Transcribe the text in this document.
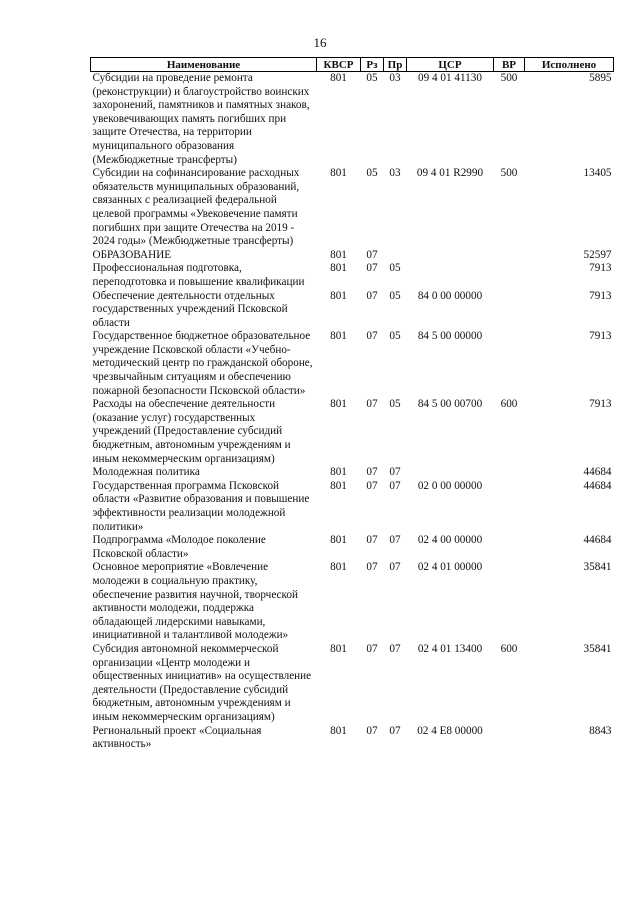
16
Наименование	КВСР	Рз	Пр	ЦСР	ВР	Исполнено
Субсидии на проведение ремонта (реконструкции) и благоустройство воинских захоронений, памятников и памятных знаков, увековечивающих память погибших при защите Отечества, на территории муниципального образования (Межбюджетные трансферты)	801	05	03	09 4 01 41130	500	5895
Субсидии на софинансирование расходных обязательств муниципальных образований, связанных с реализацией федеральной целевой программы «Увековечение памяти погибших при защите Отечества на 2019 - 2024 годы» (Межбюджетные трансферты)	801	05	03	09 4 01 R2990	500	13405
ОБРАЗОВАНИЕ	801	07				52597
Профессиональная подготовка, переподготовка и повышение квалификации	801	07	05			7913
Обеспечение деятельности отдельных государственных учреждений Псковской области	801	07	05	84 0 00 00000		7913
Государственное бюджетное образовательное учреждение Псковской области «Учебно-методический центр по гражданской обороне, чрезвычайным ситуациям и обеспечению пожарной безопасности Псковской области»	801	07	05	84 5 00 00000		7913
Расходы на обеспечение деятельности (оказание услуг) государственных учреждений (Предоставление субсидий бюджетным, автономным учреждениям и иным некоммерческим организациям)	801	07	05	84 5 00 00700	600	7913
Молодежная политика	801	07	07			44684
Государственная программа Псковской области «Развитие образования и повышение эффективности реализации молодежной политики»	801	07	07	02 0 00 00000		44684
Подпрограмма «Молодое поколение Псковской области»	801	07	07	02 4 00 00000		44684
Основное мероприятие «Вовлечение молодежи в социальную практику, обеспечение развития научной, творческой активности молодежи, поддержка обладающей лидерскими навыками, инициативной и талантливой молодежи»	801	07	07	02 4 01 00000		35841
Субсидия автономной некоммерческой организации «Центр молодежи и общественных инициатив» на осуществление деятельности (Предоставление субсидий бюджетным, автономным учреждениям и иным некоммерческим организациям)	801	07	07	02 4 01 13400	600	35841
Региональный проект «Социальная активность»	801	07	07	02 4 E8 00000		8843
